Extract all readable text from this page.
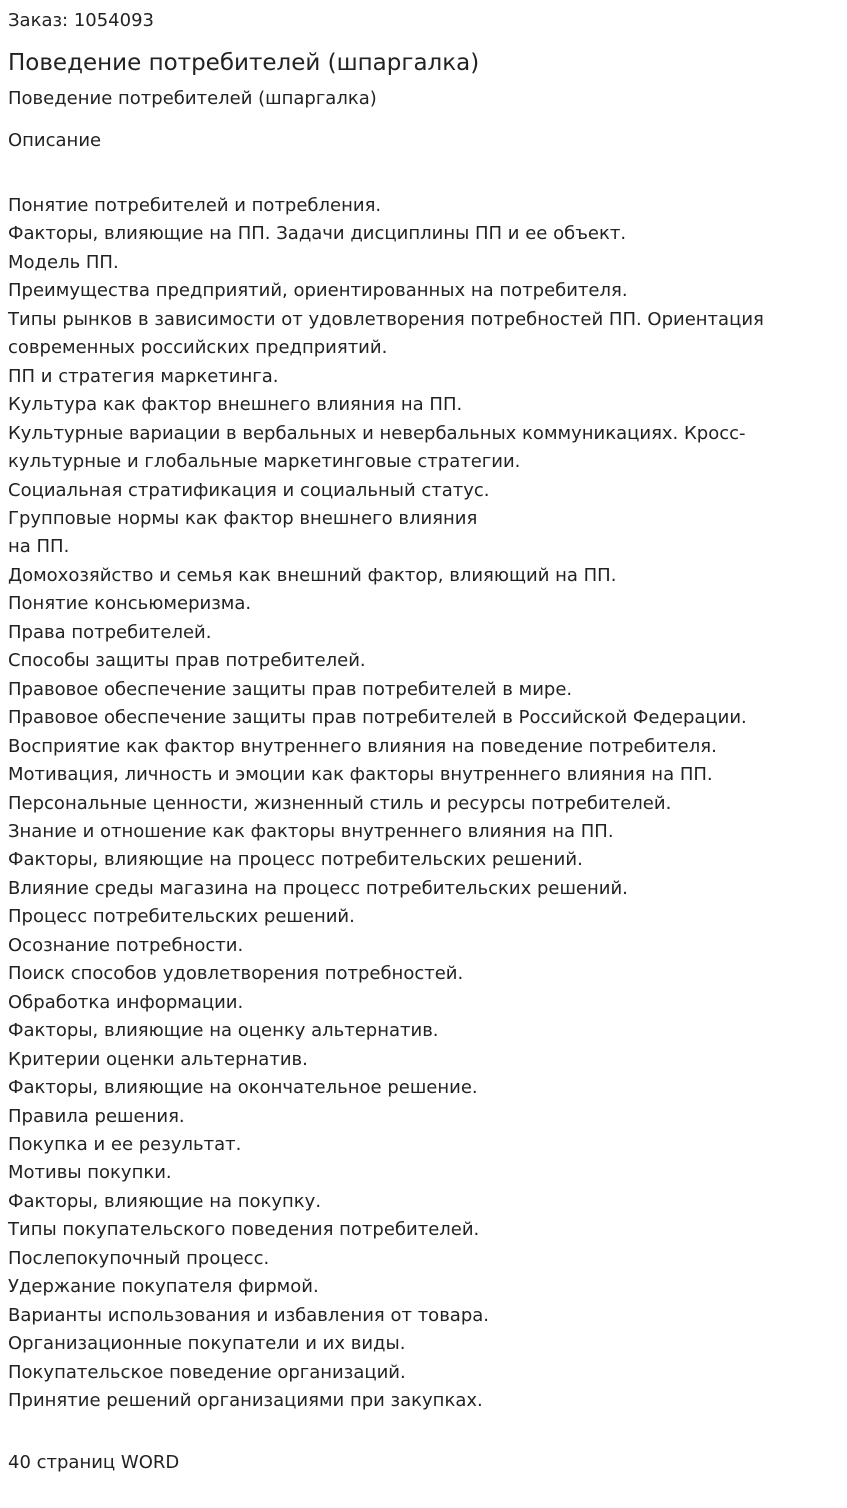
Заказ: 1054093

Поведение потребителей (шпаргалка)

Поведение потребителей (шпаргалка)

Описание

Понятие потребителей и потребления.
Факторы, влияющие на ПП. Задачи дисциплины ПП и ее объект.
Модель ПП.
Преимущества предприятий, ориентированных на потребителя.
Типы рынков в зависимости от удовлетворения потребностей ПП. Ориентация
современных российских предприятий.
ПП и стратегия маркетинга.
Культура как фактор внешнего влияния на ПП.
Культурные вариации в вербальных и невербальных коммуникациях. Кросс-
культурные и глобальные маркетинговые стратегии.
Социальная стратификация и социальный статус.
Групповые нормы как фактор внешнего влияния
на ПП.
Домохозяйство и семья как внешний фактор, влияющий на ПП.
Понятие консьюмеризма.
Права потребителей.
Способы защиты прав потребителей.
Правовое обеспечение защиты прав потребителей в мире.
Правовое обеспечение защиты прав потребителей в Российской Федерации.
Восприятие как фактор внутреннего влияния на поведение потребителя.
Мотивация, личность и эмоции как факторы внутреннего влияния на ПП.
Персональные ценности, жизненный стиль и ресурсы потребителей.
Знание и отношение как факторы внутреннего влияния на ПП.
Факторы, влияющие на процесс потребительских решений.
Влияние среды магазина на процесс потребительских решений.
Процесс потребительских решений.
Осознание потребности.
Поиск способов удовлетворения потребностей.
Обработка информации.
Факторы, влияющие на оценку альтернатив.
Критерии оценки альтернатив.
Факторы, влияющие на окончательное решение.
Правила решения.
Покупка и ее результат.
Мотивы покупки.
Факторы, влияющие на покупку.
Типы покупательского поведения потребителей.
Послепокупочный процесс.
Удержание покупателя фирмой.
Варианты использования и избавления от товара.
Организационные покупатели и их виды.
Покупательское поведение организаций.
Принятие решений организациями при закупках.

40 страниц WORD
